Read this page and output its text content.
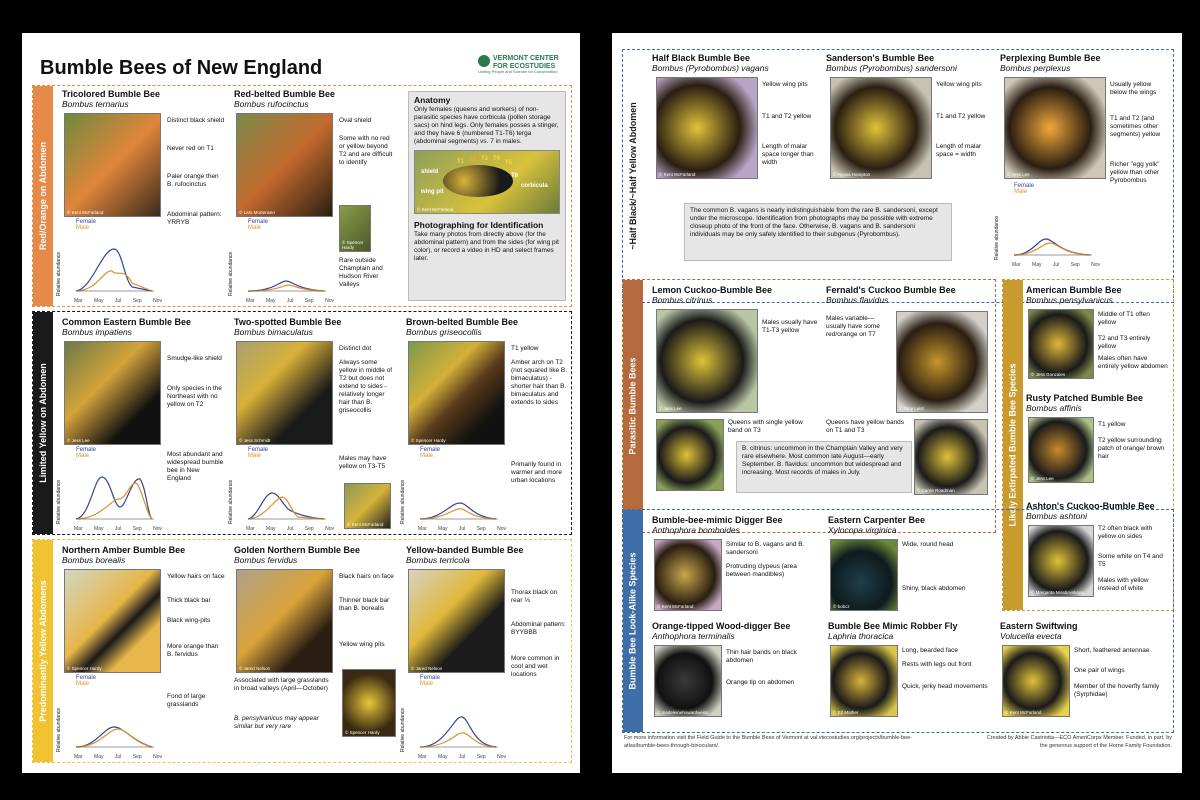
Bumble Bees of New England	VERMONT CENTER
FOR ECOSTUDIES
Uniting People and Science for Conservation
Red/Orange on Abdomen
Limited Yellow on Abdomen
Predominantly Yellow Abdomens
Tricolored Bumble Bee
Bombus ternarius
© Kent McFarland
Distinct black shield
Never red on T1
Paler orange then B. rufocinctus
Abdominal pattern: YRRYB
Female
Male
Relative abundance
Mar May Jul Sep Nov
Red-belted Bumble Bee
Bombus rufocinctus
© Lars Mortensen
Oval shield
Some with no red or yellow beyond T2 and are difficult to identify
© Spencer Hardy
Rare outside Champlain and Hudson River Valleys
Female
Male
Relative abundance
Mar May Jul Sep Nov
Anatomy
Only females (queens and workers) of non-parasitic species have corbicula (pollen storage sacs) on hind legs. Only females posses a stinger, and they have 6 (numbered T1-T6) terga (abdominal segments) vs. 7 in males.
shield
T1 T2 T3 T4
T5
T6
corbicula
wing pit
© Kent McFarland
Photographing for Identification
Take many photos from directly above (for the abdominal pattern) and from the sides (for wing pit color), or record a video in HD and select frames later.
Common Eastern Bumble Bee
Bombus impatiens
© Jess Lee
Smudge-like shield
Only species in the Northeast with no yellow on T2
Most abundant and widespread bumble bee in New England
Female
Male
Relative abundance
Mar May Jul Sep Nov
Two-spotted Bumble Bee
Bombus bimaculatus
© Jess Schmidt
Distinct dot
Always some yellow in middle of T2 but does not extend to sides - relatively longer hair than B. griseocollis
Males may have yellow on T3-T5
© Kent McFarland
Female
Male
Relative abundance
Mar May Jul Sep Nov
Brown-belted Bumble Bee
Bombus griseocollis
© Spencer Hardy
T1 yellow
Amber arch on T2 (not squared like B. bimaculatus) - shorter hair than B. bimaculatus and extends to sides
Primarily found in warmer and more urban locations
Female
Male
Relative abundance
Mar May Jul Sep Nov
Northern Amber Bumble Bee
Bombus borealis
© Spencer Hardy
Yellow hairs on face
Thick black bar
Black wing-pits
More orange than B. fervidus
Fond of large grasslands
Female
Male
Relative abundance
Mar May Jul Sep Nov
Golden Northern Bumble Bee
Bombus fervidus
© Jared Nelson
Black hairs on face
Thinner black bar than B. borealis
Yellow wing pits
Associated with large grasslands in broad valleys (April—October)
B. pensylvanicus may appear similar but very rare
© Spencer Hardy
Yellow-banded Bumble Bee
Bombus terricola
© Jared Nelson
Thorax black on rear ⅓
Abdominal pattern: BYYBBB
More common in cool and wet locations
Female
Male
Relative abundance
Mar May Jul Sep Nov
~Half Black/~Half Yellow Abdomen
Parasitic Bumble Bees	Likely Extirpated Bumble Bee Species
Bumble Bee Look-Alike Species
Half Black Bumble Bee
Bombus (Pyrobombus) vagans
© Kent McFarland
Yellow wing pits
T1 and T2 yellow
Length of malar space longer than width
Sanderson's Bumble Bee
Bombus (Pyrobombus) sandersoni
© Alyssa Hampton
Yellow wing pits
T1 and T2 yellow
Length of malar space = width
Perplexing Bumble Bee
Bombus perplexus
© Jess Lee
Usually yellow below the wings
T1 and T2 (and sometimes other segments) yellow
Richer "egg yolk" yellow than other Pyrobombus
Female
Male
Relative abundance
Mar May Jul Sep Nov
The common B. vagans is nearly indistinguishable from the rare B. sandersoni, except under the microscope. Identification from photographs may be possible with extreme closeup photo of the front of the face. Otherwise, B. vagans and B. sandersoni individuals may be only safely identified to their subgenus (Pyrobombus).
Lemon Cuckoo-Bumble Bee
Bombus citrinus
© Jess Lee
Males usually have T1-T3 yellow
Queens with single yellow band on T3
Fernald's Cuckoo Bumble Bee
Bombus flavidus
Males variable—usually have some red/orange on T7
© Tony Leist
Queens have yellow bands on T1 and T3
© Carrie Roadman
B. citrinus: uncommon in the Champlain Valley and very rare elsewhere. Most common late August—early September. B. flavidus: uncommon but widespread and increasing. Most records of males in July.
American Bumble Bee
Bombus pensylvanicus
© Jess Gonzales
Middle of T1 often yellow
T2 and T3 entirely yellow
Males often have entirely yellow abdomen
Rusty Patched Bumble Bee
Bombus affinis
© Jess Lee
T1 yellow
T2 yellow surrounding patch of orange/ brown hair
Ashton's Cuckoo-Bumble Bee
Bombus ashtoni
© Margarita Mirabovskaya
T2 often black with yellow on sides
Some white on T4 and T5
Males with yellow instead of white
Bumble-bee-mimic Digger Bee
Anthophora bomboides
© Kent McFarland
Similar to B. vagans and B. sandersoni
Protruding clypeus (area between mandibles)
Eastern Carpenter Bee
Xylocopa virginica
© bobcz
Wide, round head
Shiny, black abdomen
Orange-tipped Wood-digger Bee
Anthophora terminalis
© madeleinehowardweiss
Thin hair bands on black abdomen
Orange tip on abdomen
Bumble Bee Mimic Robber Fly
Laphria thoracica
© Ed Mather
Long, bearded face
Rests with legs out front
Quick, jerky head movements
Eastern Swiftwing
Volucella evecta
© Kent McFarland
Short, feathered antennae
One pair of wings
Member of the hoverfly family (Syrphidae)
For more information visit the Field Guide to the Bumble Bees of Vermont at val.vtecostudies.org/projects/bumble-bee-atlas/bumble-bees-through-binoculars/.
Created by Abbie Castriotta—ECO AmeriCorps Member. Funded, in part, by the generous support of the Horne Family Foundation.
